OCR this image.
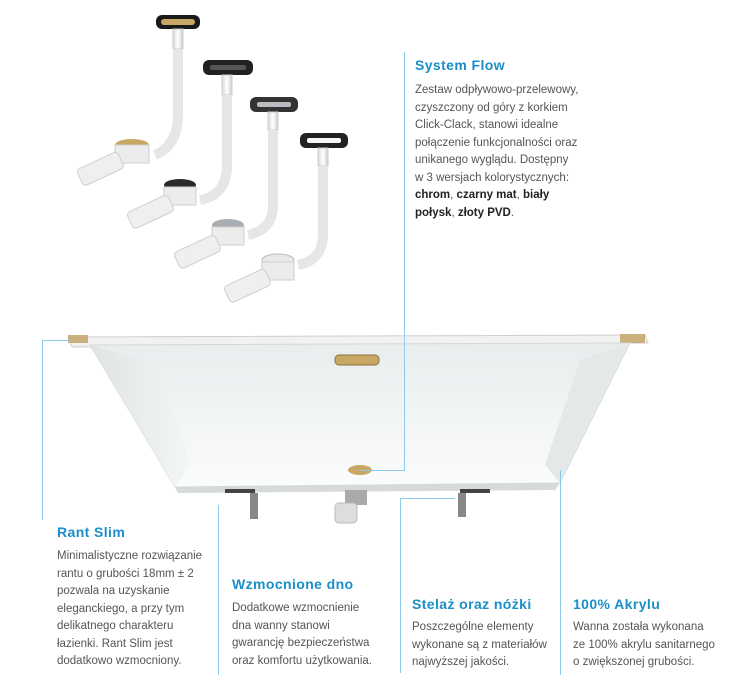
System Flow
Zestaw odpływowo-przelewowy,
czyszczony od góry z korkiem
Click-Clack, stanowi idealne
połączenie funkcjonalności oraz
unikanego wyglądu. Dostępny
w 3 wersjach kolorystycznych:
chrom, czarny mat, biały
połysk, złoty PVD.
Rant Slim
Minimalistyczne rozwiązanie
rantu o grubości 18mm ± 2
pozwala na uzyskanie
eleganckiego, a przy tym
delikatnego charakteru
łazienki. Rant Slim jest
dodatkowo wzmocniony.
Wzmocnione dno
Dodatkowe wzmocnienie
dna wanny stanowi
gwarancję bezpieczeństwa
oraz komfortu użytkowania.
Stelaż oraz nóżki
Poszczególne elementy
wykonane są z materiałów
najwyższej jakości.
100% Akrylu
Wanna została wykonana
ze 100% akrylu sanitarnego
o zwiększonej grubości.
